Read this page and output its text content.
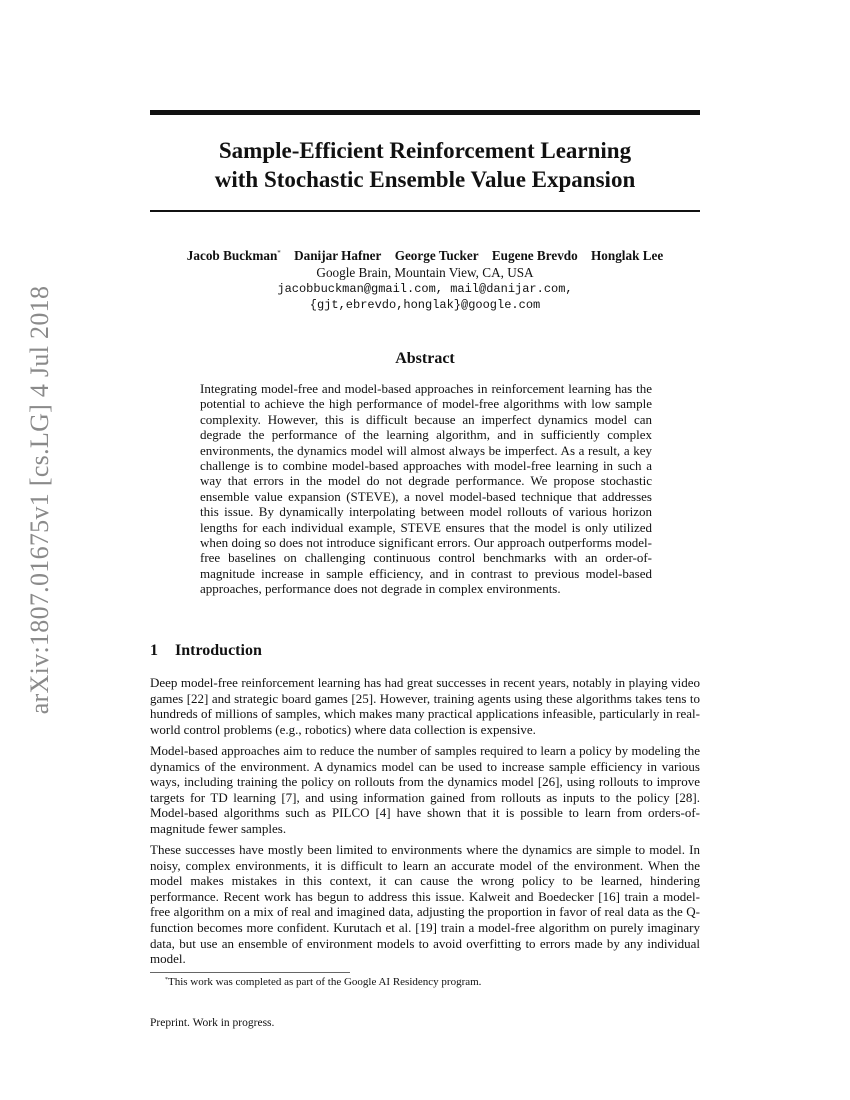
arXiv:1807.01675v1 [cs.LG] 4 Jul 2018
Sample-Efficient Reinforcement Learning
with Stochastic Ensemble Value Expansion
Jacob Buckman* Danijar Hafner George Tucker Eugene Brevdo Honglak Lee
Google Brain, Mountain View, CA, USA
jacobbuckman@gmail.com, mail@danijar.com,
{gjt,ebrevdo,honglak}@google.com
Abstract
Integrating model-free and model-based approaches in reinforcement learning has the potential to achieve the high performance of model-free algorithms with low sample complexity. However, this is difficult because an imperfect dynamics model can degrade the performance of the learning algorithm, and in sufficiently complex environments, the dynamics model will almost always be imperfect. As a result, a key challenge is to combine model-based approaches with model-free learning in such a way that errors in the model do not degrade performance. We propose stochastic ensemble value expansion (STEVE), a novel model-based technique that addresses this issue. By dynamically interpolating between model rollouts of various horizon lengths for each individual example, STEVE ensures that the model is only utilized when doing so does not introduce significant errors. Our approach outperforms model-free baselines on challenging continuous control benchmarks with an order-of-magnitude increase in sample efficiency, and in contrast to previous model-based approaches, performance does not degrade in complex environments.
1 Introduction
Deep model-free reinforcement learning has had great successes in recent years, notably in playing video games [22] and strategic board games [25]. However, training agents using these algorithms takes tens to hundreds of millions of samples, which makes many practical applications infeasible, particularly in real-world control problems (e.g., robotics) where data collection is expensive.
Model-based approaches aim to reduce the number of samples required to learn a policy by modeling the dynamics of the environment. A dynamics model can be used to increase sample efficiency in various ways, including training the policy on rollouts from the dynamics model [26], using rollouts to improve targets for TD learning [7], and using information gained from rollouts as inputs to the policy [28]. Model-based algorithms such as PILCO [4] have shown that it is possible to learn from orders-of-magnitude fewer samples.
These successes have mostly been limited to environments where the dynamics are simple to model. In noisy, complex environments, it is difficult to learn an accurate model of the environment. When the model makes mistakes in this context, it can cause the wrong policy to be learned, hindering performance. Recent work has begun to address this issue. Kalweit and Boedecker [16] train a model-free algorithm on a mix of real and imagined data, adjusting the proportion in favor of real data as the Q-function becomes more confident. Kurutach et al. [19] train a model-free algorithm on purely imaginary data, but use an ensemble of environment models to avoid overfitting to errors made by any individual model.
*This work was completed as part of the Google AI Residency program.
Preprint. Work in progress.
